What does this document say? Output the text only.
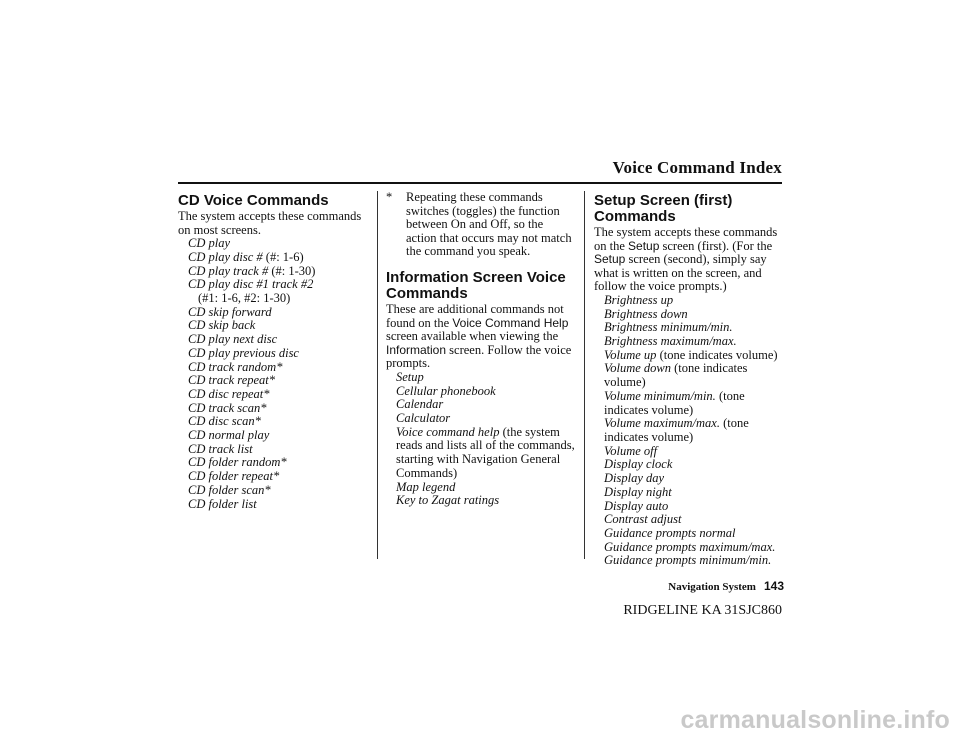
Voice Command Index
CD Voice Commands
The system accepts these commands on most screens.
CD play
CD play disc # (#: 1-6)
CD play track # (#: 1-30)
CD play disc #1 track #2
(#1: 1-6, #2: 1-30)
CD skip forward
CD skip back
CD play next disc
CD play previous disc
CD track random*
CD track repeat*
CD disc repeat*
CD track scan*
CD disc scan*
CD normal play
CD track list
CD folder random*
CD folder repeat*
CD folder scan*
CD folder list
* Repeating these commands switches (toggles) the function between On and Off, so the action that occurs may not match the command you speak.
Information Screen Voice Commands
These are additional commands not found on the Voice Command Help screen available when viewing the Information screen. Follow the voice prompts.
Setup
Cellular phonebook
Calendar
Calculator
Voice command help (the system reads and lists all of the commands, starting with Navigation General Commands)
Map legend
Key to Zagat ratings
Setup Screen (first) Commands
The system accepts these commands on the Setup screen (first). (For the Setup screen (second), simply say what is written on the screen, and follow the voice prompts.)
Brightness up
Brightness down
Brightness minimum/min.
Brightness maximum/max.
Volume up (tone indicates volume)
Volume down (tone indicates volume)
Volume minimum/min. (tone indicates volume)
Volume maximum/max. (tone indicates volume)
Volume off
Display clock
Display day
Display night
Display auto
Contrast adjust
Guidance prompts normal
Guidance prompts maximum/max.
Guidance prompts minimum/min.
Navigation System 143
RIDGELINE KA 31SJC860
carmanualsonline.info
